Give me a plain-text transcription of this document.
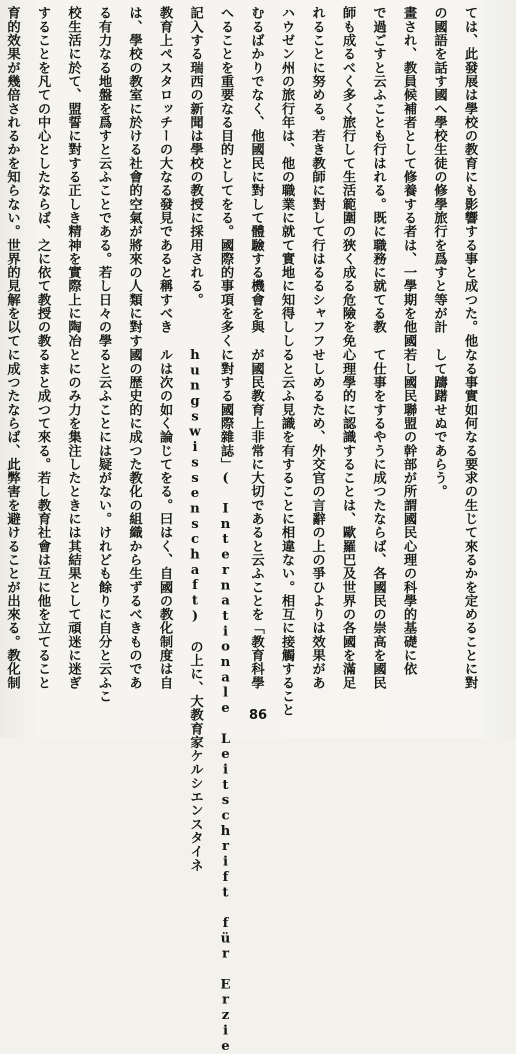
ては、此發展は學校の教育にも影響する事と成つた。他
の國語を話す國へ學校生徒の修學旅行を爲すと等が計
畫され、教員候補者として修養する者は、一學期を他國
で過ごすと云ふことも行はれる。既に職務に就てる教
師も成るべく多く旅行して生活範圍の狹く成る危險を免
れることに努める。若き教師に對して行はるるシャフフ
ハウゼン州の旅行年は、他の職業に就て實地に知得しし
むるばかりでなく、他國民に對して體驗する機會を與
へることを重要なる目的としてをる。國際的事項を多く
記入する瑞西の新聞は學校の教授に採用される。
教育上ペスタロッチーの大なる發見であると稱すべき
は、學校の教室に於ける社會的空氣が將來の人類に對す
る有力なる地盤を爲すと云ふことである。若し日々の學
校生活に於て、盟誓に對する正しき精神を實際上に陶冶
することを凡ての中心としたならば、之に依て教授の教
育的效果が幾倍されるかを知らない。世界的見解を以て
なる事實如何なる要求の生じて來るかを定めることに對
して躊躇せぬであらう。
若し國民聯盟の幹部が所謂國民心理の科學的基礎に依
て仕事をするやうに成つたならば、各國民の崇高を國民
心理學的に認識することは、歐羅巴及世界の各國を滿足
せしめるため、外交官の言辭の上の爭ひよりは效果があ
ると云ふ見識を有することに相違ない。相互に接觸すること
が國民教育上非常に大切であると云ふことを「教育科學
に對する國際雜誌」( Internationale Leitschrift für Erzie
hungswissenschaft) の上に、大教育家ケルシエンスタイネ
ルは次の如く論じてをる。曰はく、自國の教化制度は自
國の歴史的に成つた教化の組織から生ずるべきものであ
ると云ふことには疑がない。けれども餘りに自分と云ふこ
とにのみ力を集注したときには其結果として頑迷に迷ぎ
るまと成つて來る。若し教育社會は互に他を立てること
に成つたならば、此弊害を避けることが出來る。教化制
86
